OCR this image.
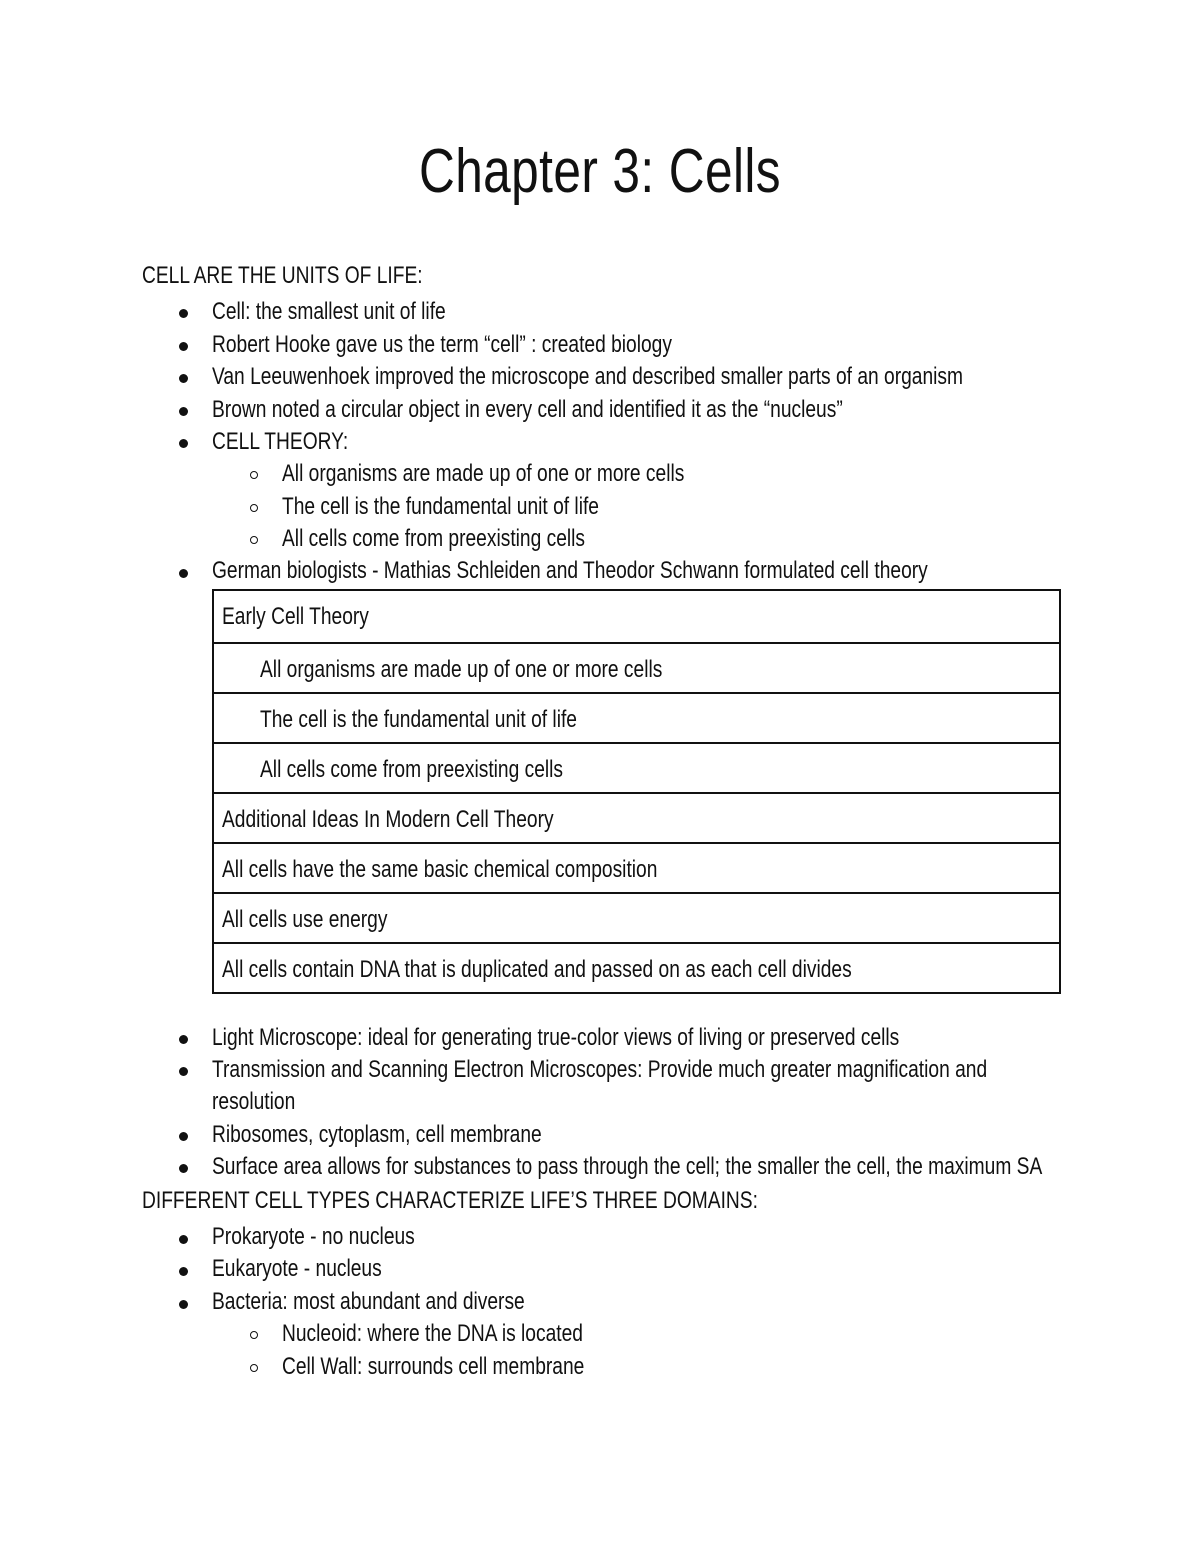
Chapter 3: Cells
CELL ARE THE UNITS OF LIFE:
Cell: the smallest unit of life
Robert Hooke gave us the term “cell” : created biology
Van Leeuwenhoek improved the microscope and described smaller parts of an organism
Brown noted a circular object in every cell and identified it as the “nucleus”
CELL THEORY:
All organisms are made up of one or more cells
The cell is the fundamental unit of life
All cells come from preexisting cells
German biologists - Mathias Schleiden and Theodor Schwann formulated cell theory
Early Cell Theory
All organisms are made up of one or more cells
The cell is the fundamental unit of life
All cells come from preexisting cells
Additional Ideas In Modern Cell Theory
All cells have the same basic chemical composition
All cells use energy
All cells contain DNA that is duplicated and passed on as each cell divides
Light Microscope: ideal for generating true-color views of living or preserved cells
Transmission and Scanning Electron Microscopes: Provide much greater magnification and
resolution
Ribosomes, cytoplasm, cell membrane
Surface area allows for substances to pass through the cell; the smaller the cell, the maximum SA
DIFFERENT CELL TYPES CHARACTERIZE LIFE’S THREE DOMAINS:
Prokaryote - no nucleus
Eukaryote - nucleus
Bacteria: most abundant and diverse
Nucleoid: where the DNA is located
Cell Wall: surrounds cell membrane
